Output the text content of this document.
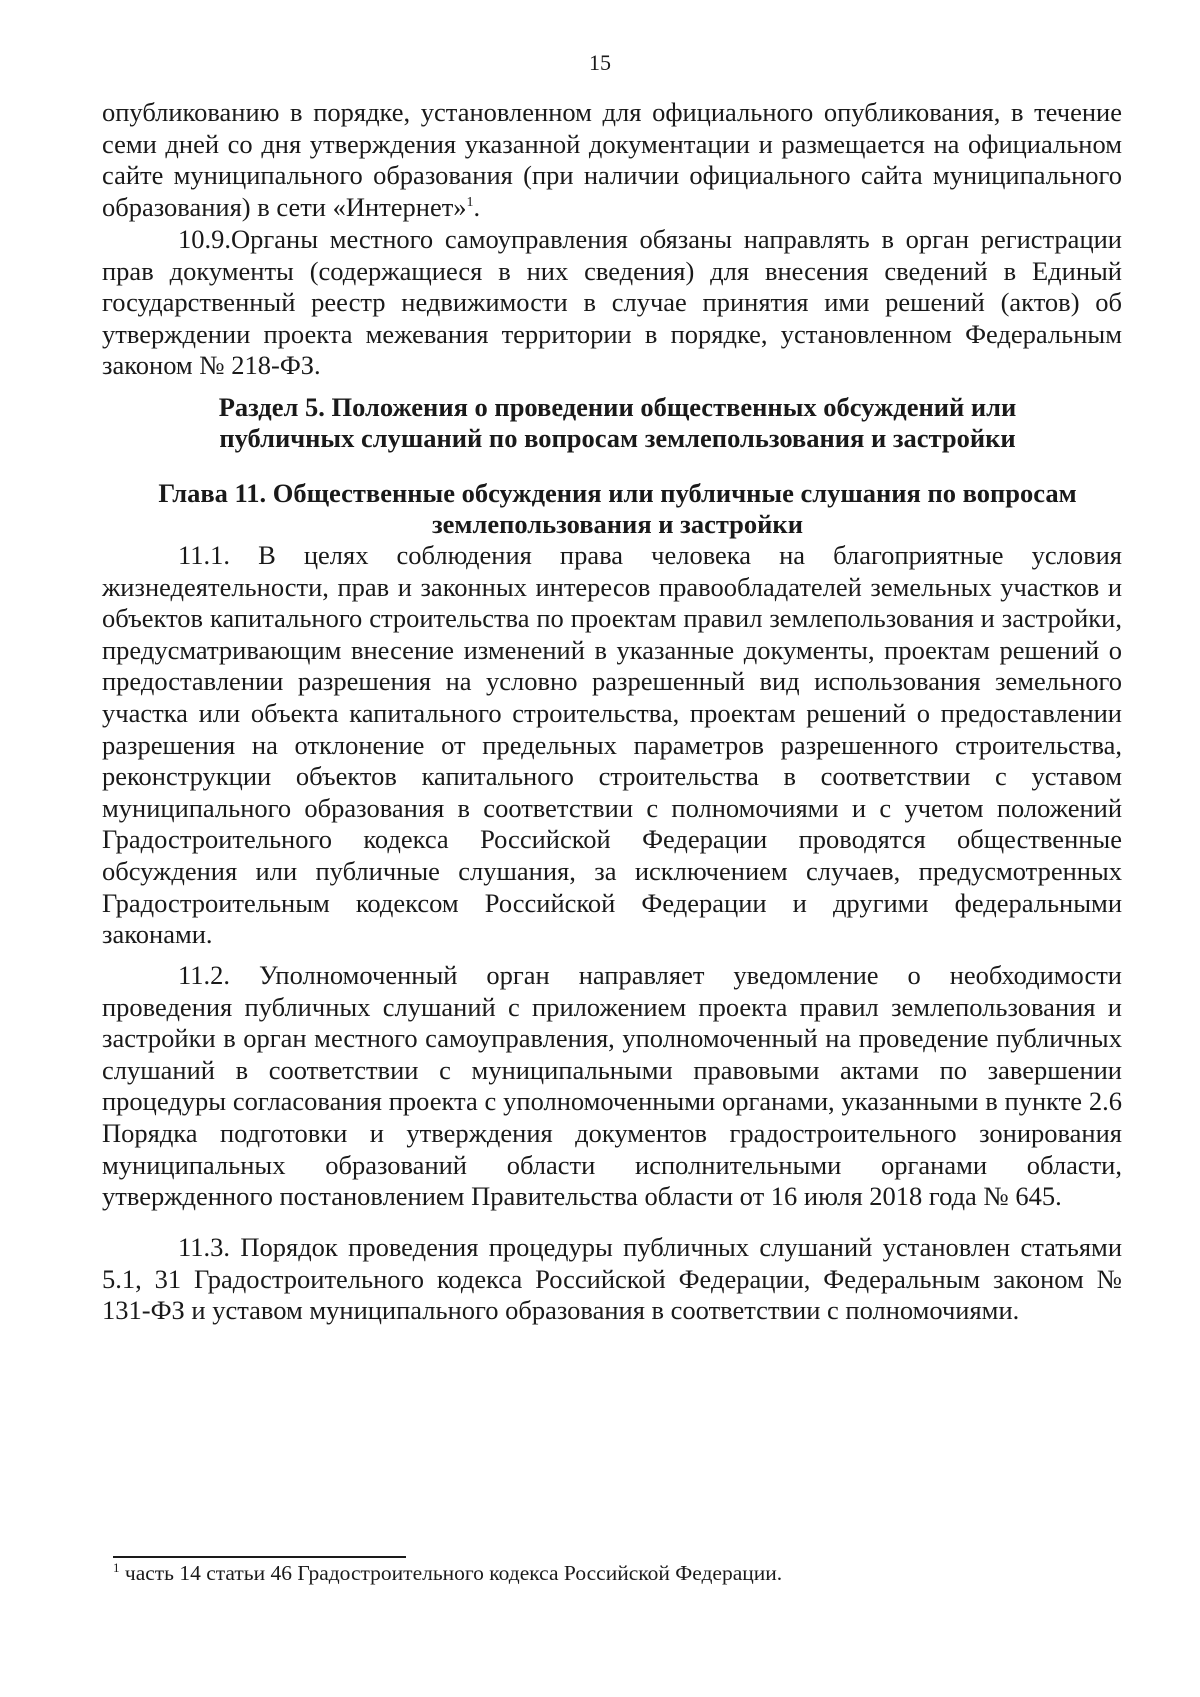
15

опубликованию в порядке, установленном для официального опубликования, в течение семи дней со дня утверждения указанной документации и размещается на официальном сайте муниципального образования (при наличии официального сайта муниципального образования) в сети «Интернет»$^1$.

10.9.Органы местного самоуправления обязаны направлять в орган регистрации прав документы (содержащиеся в них сведения) для внесения сведений в Единый государственный реестр недвижимости в случае принятия ими решений (актов) об утверждении проекта межевания территории в порядке, установленном Федеральным законом № 218-ФЗ.

Раздел 5. Положения о проведении общественных обсуждений или публичных слушаний по вопросам землепользования и застройки

Глава 11. Общественные обсуждения или публичные слушания по вопросам землепользования и застройки

11.1. В целях соблюдения права человека на благоприятные условия жизнедеятельности, прав и законных интересов правообладателей земельных участков и объектов капитального строительства по проектам правил землепользования и застройки, предусматривающим внесение изменений в указанные документы, проектам решений о предоставлении разрешения на условно разрешенный вид использования земельного участка или объекта капитального строительства, проектам решений о предоставлении разрешения на отклонение от предельных параметров разрешенного строительства, реконструкции объектов капитального строительства в соответствии с уставом муниципального образования в соответствии с полномочиями и с учетом положений Градостроительного кодекса Российской Федерации проводятся общественные обсуждения или публичные слушания, за исключением случаев, предусмотренных Градостроительным кодексом Российской Федерации и другими федеральными законами.

11.2. Уполномоченный орган направляет уведомление о необходимости проведения публичных слушаний с приложением проекта правил землепользования и застройки в орган местного самоуправления, уполномоченный на проведение публичных слушаний в соответствии с муниципальными правовыми актами по завершении процедуры согласования проекта с уполномоченными органами, указанными в пункте 2.6 Порядка подготовки и утверждения документов градостроительного зонирования муниципальных образований области исполнительными органами области, утвержденного постановлением Правительства области от 16 июля 2018 года № 645.

11.3. Порядок проведения процедуры публичных слушаний установлен статьями 5.1, 31 Градостроительного кодекса Российской Федерации, Федеральным законом № 131-ФЗ и уставом муниципального образования в соответствии с полномочиями.

$^1$ часть 14 статьи 46 Градостроительного кодекса Российской Федерации.
